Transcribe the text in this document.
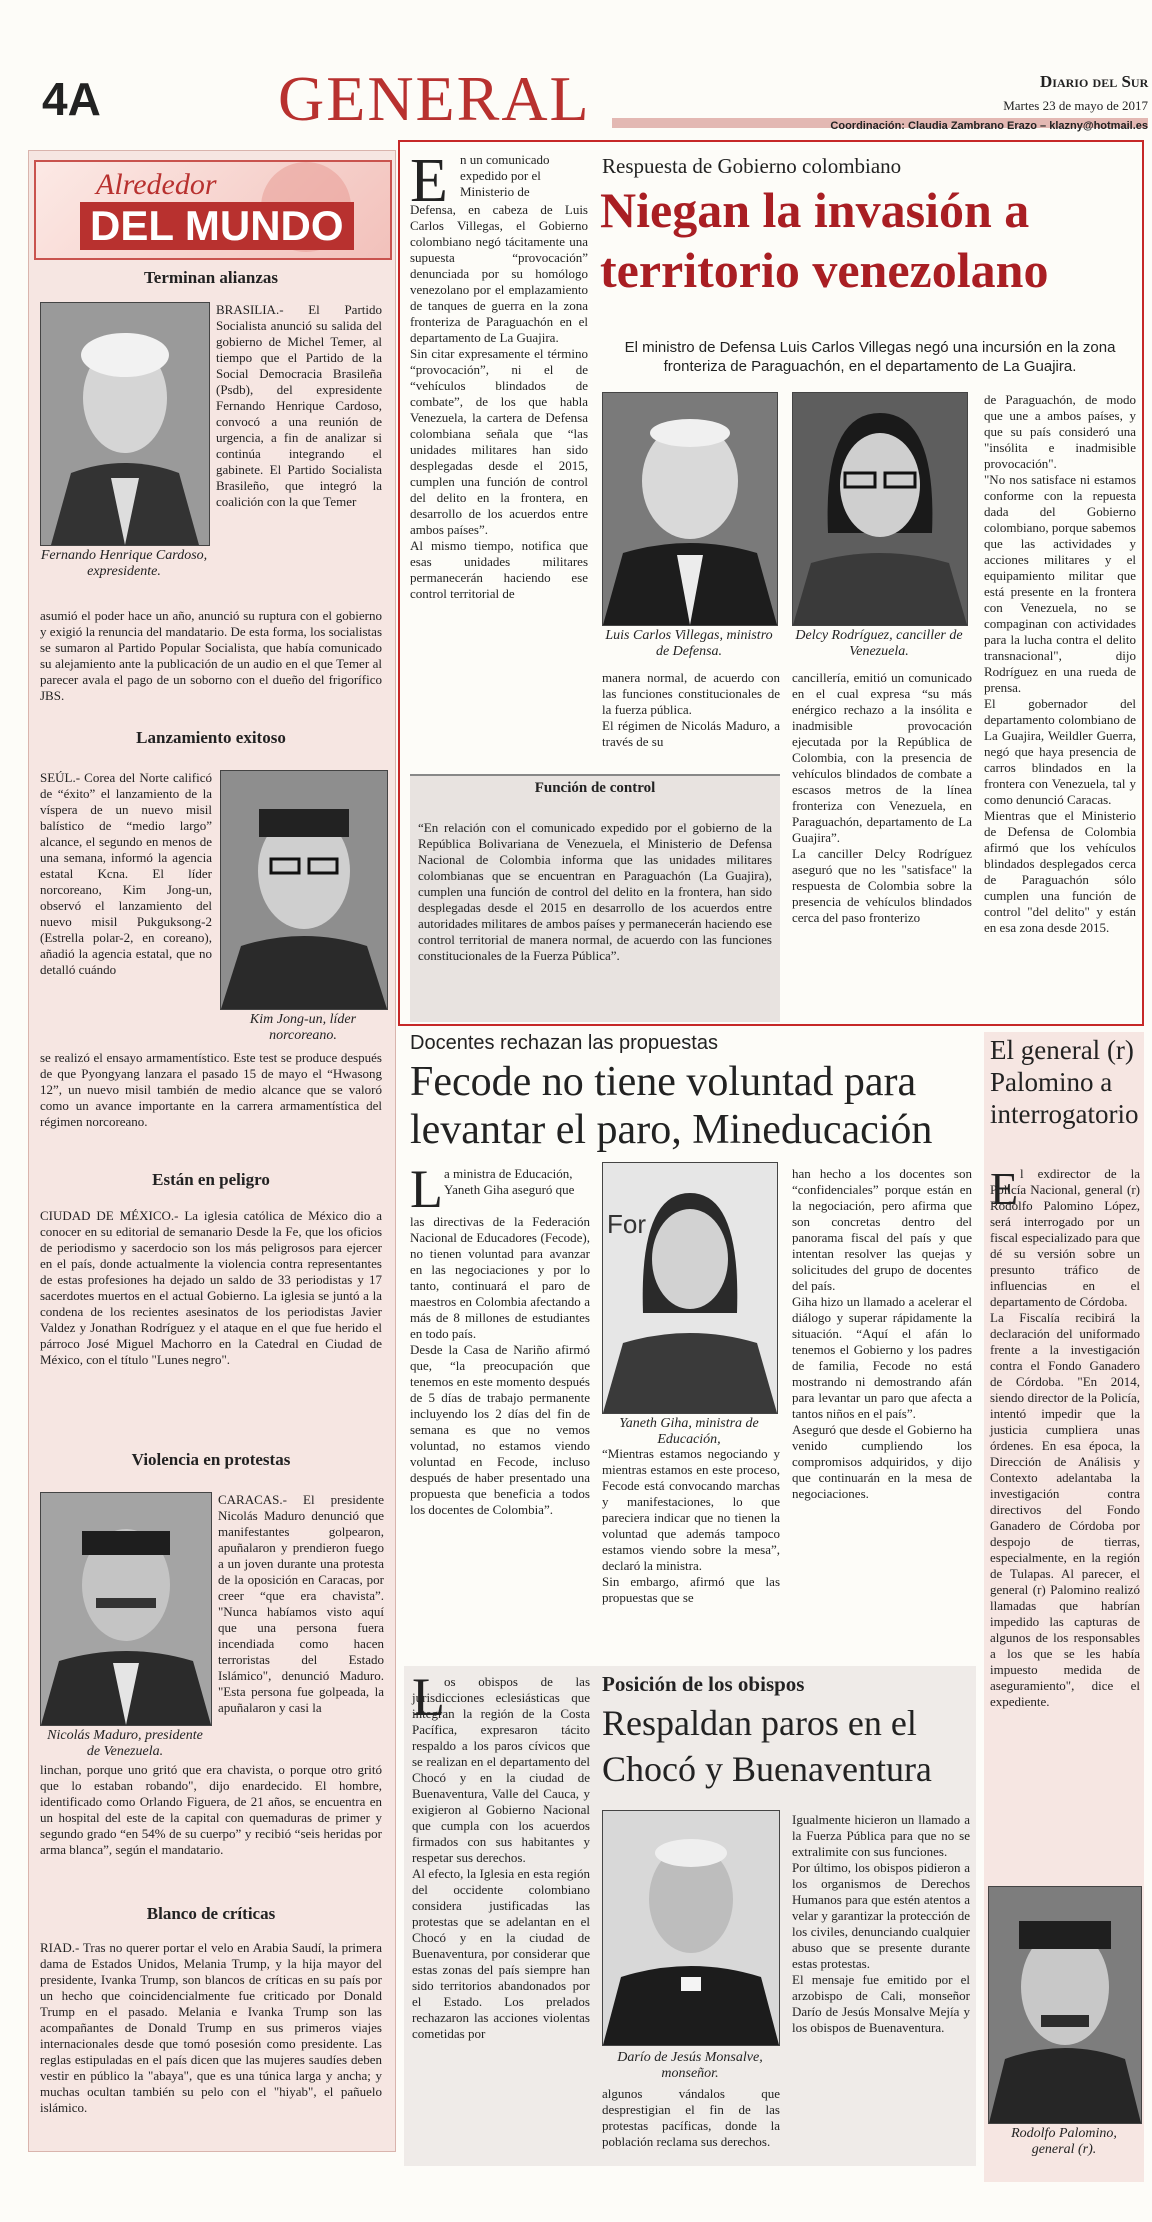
4A	GENERAL	Diario del Sur
Martes 23 de mayo de 2017
Coordinación: Claudia Zambrano Erazo – klazny@hotmail.es
Alrededor
DEL MUNDO
Terminan alianzas
Fernando Henrique Cardoso, expresidente.

BRASILIA.- El Partido Socialista anunció su salida del gobierno de Michel Temer, al tiempo que el Partido de la Social Democracia Brasileña (Psdb), del expresidente Fernando Henrique Cardoso, convocó a una reunión de urgencia, a fin de analizar si continúa integrando el gabinete. El Partido Socialista Brasileño, que integró la coalición con la que Temer

asumió el poder hace un año, anunció su ruptura con el gobierno y exigió la renuncia del mandatario. De esta forma, los socialistas se sumaron al Partido Popular Socialista, que había comunicado su alejamiento ante la publicación de un audio en el que Temer al parecer avala el pago de un soborno con el dueño del frigorífico JBS.

Lanzamiento exitoso

SEÚL.- Corea del Norte calificó de “éxito” el lanzamiento de la víspera de un nuevo misil balístico de “medio largo” alcance, el segundo en menos de una semana, informó la agencia estatal Kcna. El líder norcoreano, Kim Jong-un, observó el lanzamiento del nuevo misil Pukguksong-2 (Estrella polar-2, en coreano), añadió la agencia estatal, que no detalló cuándo

Kim Jong-un, líder norcoreano.

se realizó el ensayo armamentístico. Este test se produce después de que Pyongyang lanzara el pasado 15 de mayo el “Hwasong 12”, un nuevo misil también de medio alcance que se valoró como un avance importante en la carrera armamentística del régimen norcoreano.

Están en peligro

CIUDAD DE MÉXICO.- La iglesia católica de México dio a conocer en su editorial de semanario Desde la Fe, que los oficios de periodismo y sacerdocio son los más peligrosos para ejercer en el país, donde actualmente la violencia contra representantes de estas profesiones ha dejado un saldo de 33 periodistas y 17 sacerdotes muertos en el actual Gobierno. La iglesia se juntó a la condena de los recientes asesinatos de los periodistas Javier Valdez y Jonathan Rodríguez y el ataque en el que fue herido el párroco José Miguel Machorro en la Catedral en Ciudad de México, con el título "Lunes negro".

Violencia en protestas
Nicolás Maduro, presidente de Venezuela.

CARACAS.- El presidente Nicolás Maduro denunció que manifestantes golpearon, apuñalaron y prendieron fuego a un joven durante una protesta de la oposición en Caracas, por creer “que era chavista”. "Nunca habíamos visto aquí que una persona fuera incendiada como hacen terroristas del Estado Islámico", denunció Maduro. "Esta persona fue golpeada, la apuñalaron y casi la

linchan, porque uno gritó que era chavista, o porque otro gritó que lo estaban robando", dijo enardecido. El hombre, identificado como Orlando Figuera, de 21 años, se encuentra en un hospital del este de la capital con quemaduras de primer y segundo grado “en 54% de su cuerpo” y recibió “seis heridas por arma blanca”, según el mandatario.

Blanco de críticas

RIAD.- Tras no querer portar el velo en Arabia Saudí, la primera dama de Estados Unidos, Melania Trump, y la hija mayor del presidente, Ivanka Trump, son blancos de críticas en su país por un hecho que coincidencialmente fue criticado por Donald Trump en el pasado. Melania e Ivanka Trump son las acompañantes de Donald Trump en sus primeros viajes internacionales desde que tomó posesión como presidente. Las reglas estipuladas en el país dicen que las mujeres saudíes deben vestir en público la "abaya", que es una túnica larga y ancha; y muchas ocultan también su pelo con el "hiyab", el pañuelo islámico.

E n un comunicado expedido por el Ministerio de

Defensa, en cabeza de Luis Carlos Villegas, el Gobierno colombiano negó tácitamente una supuesta “provocación” denunciada por su homólogo venezolano por el emplazamiento de tanques de guerra en la zona fronteriza de Paraguachón en el departamento de La Guajira.
Sin citar expresamente el término “provocación”, ni el de “vehículos blindados de combate”, de los que habla Venezuela, la cartera de Defensa colombiana señala que “las unidades militares han sido desplegadas desde el 2015, cumplen una función de control del delito en la frontera, en desarrollo de los acuerdos entre ambos países”.
Al mismo tiempo, notifica que esas unidades militares permanecerán haciendo ese control territorial de

Respuesta de Gobierno colombiano
Niegan la invasión a
territorio venezolano
El ministro de Defensa Luis Carlos Villegas negó una incursión en la zona fronteriza de Paraguachón, en el departamento de La Guajira.
Luis Carlos Villegas, ministro de Defensa.
Delcy Rodríguez, canciller de Venezuela.

manera normal, de acuerdo con las funciones constitucionales de la fuerza pública.
El régimen de Nicolás Maduro, a través de su

cancillería, emitió un comunicado en el cual expresa “su más enérgico rechazo a la insólita e inadmisible provocación ejecutada por la República de Colombia, con la presencia de vehículos blindados de combate a escasos metros de la línea fronteriza con Venezuela, en Paraguachón, departamento de La Guajira”.
La canciller Delcy Rodríguez aseguró que no les "satisface" la respuesta de Colombia sobre la presencia de vehículos blindados cerca del paso fronterizo

de Paraguachón, de modo que une a ambos países, y que su país consideró una "insólita e inadmisible provocación".
"No nos satisface ni estamos conforme con la repuesta dada del Gobierno colombiano, porque sabemos que las actividades y acciones militares y el equipamiento militar que está presente en la frontera con Venezuela, no se compaginan con actividades para la lucha contra el delito transnacional", dijo Rodríguez en una rueda de prensa.
El gobernador del departamento colombiano de La Guajira, Weildler Guerra, negó que haya presencia de carros blindados en la frontera con Venezuela, tal y como denunció Caracas.
Mientras que el Ministerio de Defensa de Colombia afirmó que los vehículos blindados desplegados cerca de Paraguachón sólo cumplen una función de control "del delito" y están en esa zona desde 2015.

Función de control

“En relación con el comunicado expedido por el gobierno de la República Bolivariana de Venezuela, el Ministerio de Defensa Nacional de Colombia informa que las unidades militares colombianas que se encuentran en Paraguachón (La Guajira), cumplen una función de control del delito en la frontera, han sido desplegadas desde el 2015 en desarrollo de los acuerdos entre autoridades militares de ambos países y permanecerán haciendo ese control territorial de manera normal, de acuerdo con las funciones constitucionales de la Fuerza Pública”.

Docentes rechazan las propuestas
Fecode no tiene voluntad para levantar el paro, Mineducación
L a ministra de Educación, Yaneth Giha aseguró que

las directivas de la Federación Nacional de Educadores (Fecode), no tienen voluntad para avanzar en las negociaciones y por lo tanto, continuará el paro de maestros en Colombia afectando a más de 8 millones de estudiantes en todo país.
Desde la Casa de Nariño afirmó que, “la preocupación que tenemos en este momento después de 5 días de trabajo permanente incluyendo los 2 días del fin de semana es que no vemos voluntad, no estamos viendo voluntad en Fecode, incluso después de haber presentado una propuesta que beneficia a todos los docentes de Colombia”.

For
Yaneth Giha, ministra de Educación,

“Mientras estamos negociando y mientras estamos en este proceso, Fecode está convocando marchas y manifestaciones, lo que pareciera indicar que no tienen la voluntad que además tampoco estamos viendo sobre la mesa”, declaró la ministra.
Sin embargo, afirmó que las propuestas que se

han hecho a los docentes son “confidenciales” porque están en la negociación, pero afirma que son concretas dentro del panorama fiscal del país y que intentan resolver las quejas y solicitudes del grupo de docentes del país.
Giha hizo un llamado a acelerar el diálogo y superar rápidamente la situación. “Aquí el afán lo tenemos el Gobierno y los padres de familia, Fecode no está mostrando ni demostrando afán para levantar un paro que afecta a tantos niños en el país”.
Aseguró que desde el Gobierno ha venido cumpliendo los compromisos adquiridos, y dijo que continuarán en la mesa de negociaciones.

El general (r) Palomino a interrogatorio
E l exdirector de la Policía Nacional, general (r) Rodolfo Palomino López, será interrogado por un fiscal especializado para que dé su versión sobre un presunto tráfico de influencias en el departamento de Córdoba.
La Fiscalía recibirá la declaración del uniformado frente a la investigación contra el Fondo Ganadero de Córdoba. "En 2014, siendo director de la Policía, intentó impedir que la justicia cumpliera unas órdenes. En esa época, la Dirección de Análisis y Contexto adelantaba la investigación contra directivos del Fondo Ganadero de Córdoba por despojo de tierras, especialmente, en la región de Tulapas. Al parecer, el general (r) Palomino realizó llamadas que habrían impedido las capturas de algunos de los responsables a los que se les había impuesto medida de aseguramiento", dice el expediente.

Rodolfo Palomino, general (r).
L os obispos de las jurisdicciones eclesiásticas que integran la región de la Costa Pacífica, expresaron tácito respaldo a los paros cívicos que se realizan en el departamento del Chocó y en la ciudad de Buenaventura, Valle del Cauca, y exigieron al Gobierno Nacional que cumpla con los acuerdos firmados con sus habitantes y respetar sus derechos.
Al efecto, la Iglesia en esta región del occidente colombiano considera justificadas las protestas que se adelantan en el Chocó y en la ciudad de Buenaventura, por considerar que estas zonas del país siempre han sido territorios abandonados por el Estado. Los prelados rechazaron las acciones violentas cometidas por

Posición de los obispos
Respaldan paros en el Chocó y Buenaventura
Darío de Jesús Monsalve, monseñor.

algunos vándalos que desprestigian el fin de las protestas pacíficas, donde la población reclama sus derechos.

Igualmente hicieron un llamado a la Fuerza Pública para que no se extralimite con sus funciones.
Por último, los obispos pidieron a los organismos de Derechos Humanos para que estén atentos a velar y garantizar la protección de los civiles, denunciando cualquier abuso que se presente durante estas protestas.
El mensaje fue emitido por el arzobispo de Cali, monseñor Darío de Jesús Monsalve Mejía y los obispos de Buenaventura.
